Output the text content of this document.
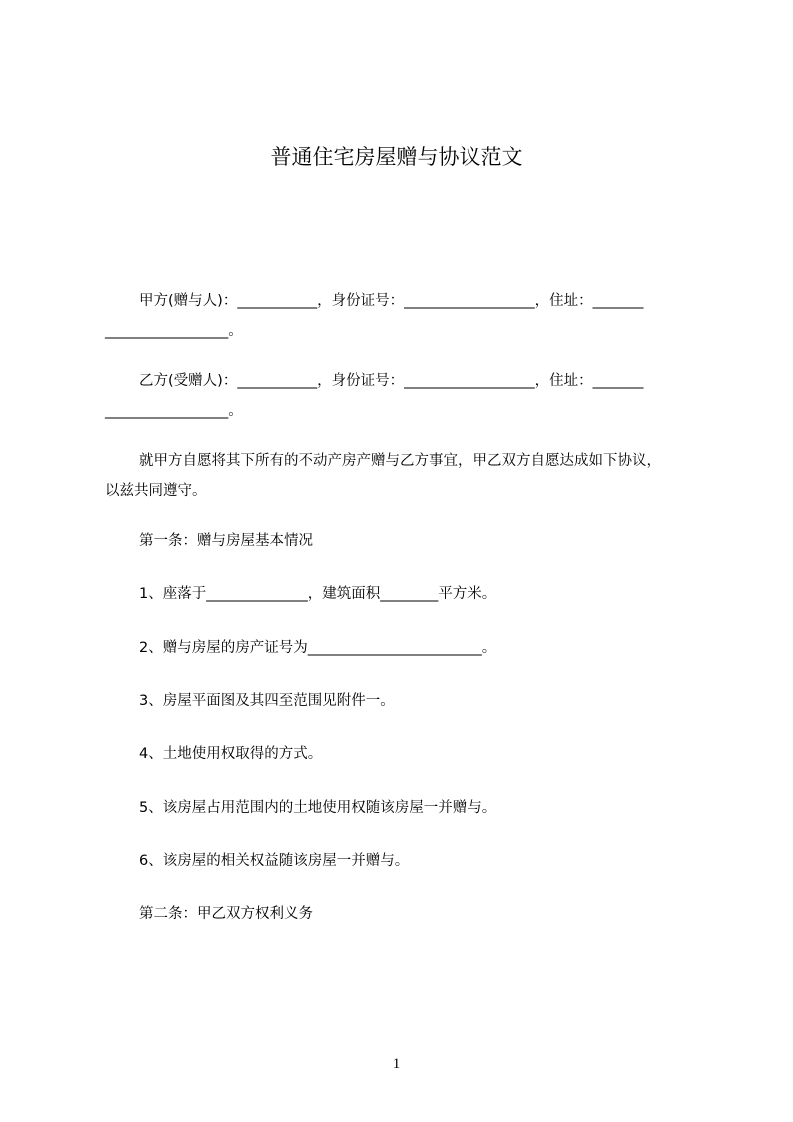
普通住宅房屋赠与协议范文
甲方(赠与人)：___________，身份证号：__________________，住址：_______
_________________。
乙方(受赠人)：___________，身份证号：__________________，住址：_______
_________________。
就甲方自愿将其下所有的不动产房产赠与乙方事宜，甲乙双方自愿达成如下协议，
以兹共同遵守。
第一条：赠与房屋基本情况
1、座落于______________，建筑面积________平方米。
2、赠与房屋的房产证号为________________________。
3、房屋平面图及其四至范围见附件一。
4、土地使用权取得的方式。
5、该房屋占用范围内的土地使用权随该房屋一并赠与。
6、该房屋的相关权益随该房屋一并赠与。
第二条：甲乙双方权利义务
1
